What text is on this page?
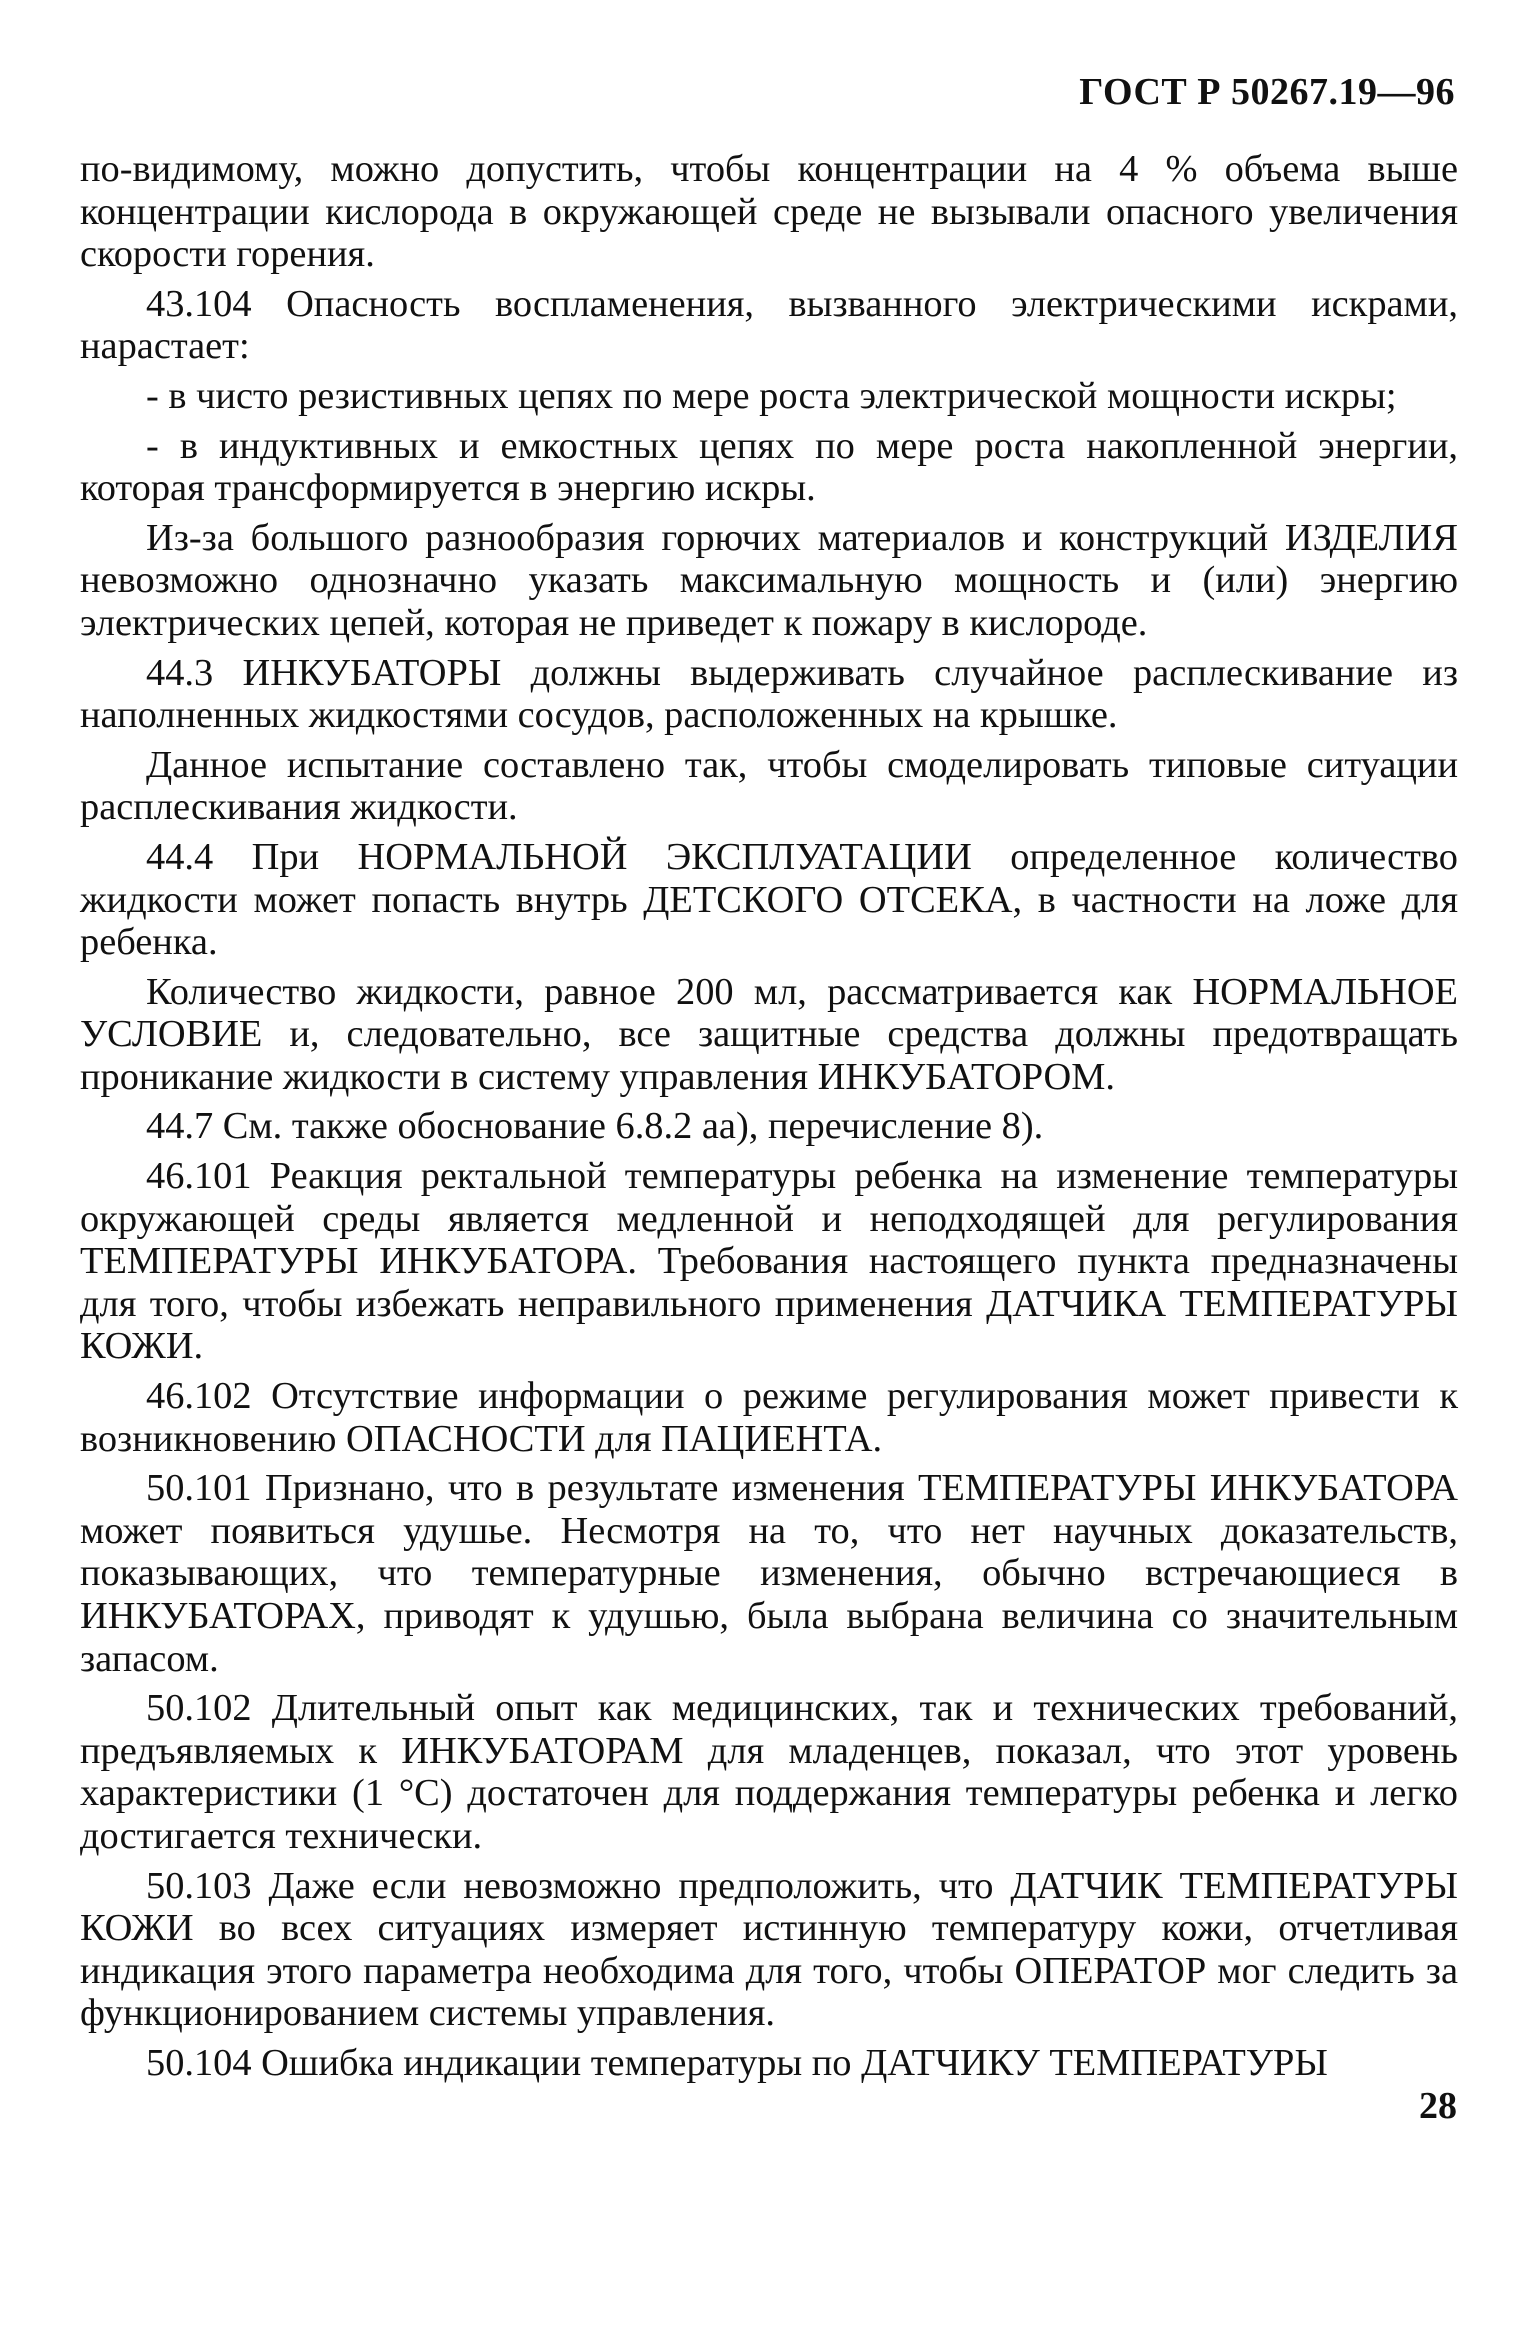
ГОСТ Р 50267.19—96

по-видимому, можно допустить, чтобы концентрации на 4 % объема выше концентрации кислорода в окружающей среде не вызывали опасного увеличения скорости горения.

43.104 Опасность воспламенения, вызванного электрическими искрами, нарастает:

- в чисто резистивных цепях по мере роста электрической мощности искры;

- в индуктивных и емкостных цепях по мере роста накопленной энергии, которая трансформируется в энергию искры.

Из-за большого разнообразия горючих материалов и конструкций ИЗДЕЛИЯ невозможно однозначно указать максимальную мощность и (или) энергию электрических цепей, которая не приведет к пожару в кислороде.

44.3 ИНКУБАТОРЫ должны выдерживать случайное расплескивание из наполненных жидкостями сосудов, расположенных на крышке.

Данное испытание составлено так, чтобы смоделировать типовые ситуации расплескивания жидкости.

44.4 При НОРМАЛЬНОЙ ЭКСПЛУАТАЦИИ определенное количество жидкости может попасть внутрь ДЕТСКОГО ОТСЕКА, в частности на ложе для ребенка.

Количество жидкости, равное 200 мл, рассматривается как НОРМАЛЬНОЕ УСЛОВИЕ и, следовательно, все защитные средства должны предотвращать проникание жидкости в систему управления ИНКУБАТОРОМ.

44.7 См. также обоснование 6.8.2 аа), перечисление 8).

46.101 Реакция ректальной температуры ребенка на изменение температуры окружающей среды является медленной и неподходящей для регулирования ТЕМПЕРАТУРЫ ИНКУБАТОРА. Требования настоящего пункта предназначены для того, чтобы избежать неправильного применения ДАТЧИКА ТЕМПЕРАТУРЫ КОЖИ.

46.102 Отсутствие информации о режиме регулирования может привести к возникновению ОПАСНОСТИ для ПАЦИЕНТА.

50.101 Признано, что в результате изменения ТЕМПЕРАТУРЫ ИНКУБАТОРА может появиться удушье. Несмотря на то, что нет научных доказательств, показывающих, что температурные изменения, обычно встречающиеся в ИНКУБАТОРАХ, приводят к удушью, была выбрана величина со значительным запасом.

50.102 Длительный опыт как медицинских, так и технических требований, предъявляемых к ИНКУБАТОРАМ для младенцев, показал, что этот уровень характеристики (1 °С) достаточен для поддержания температуры ребенка и легко достигается технически.

50.103 Даже если невозможно предположить, что ДАТЧИК ТЕМПЕРАТУРЫ КОЖИ во всех ситуациях измеряет истинную температуру кожи, отчетливая индикация этого параметра необходима для того, чтобы ОПЕРАТОР мог следить за функционированием системы управления.

50.104 Ошибка индикации температуры по ДАТЧИКУ ТЕМПЕРАТУРЫ

28
